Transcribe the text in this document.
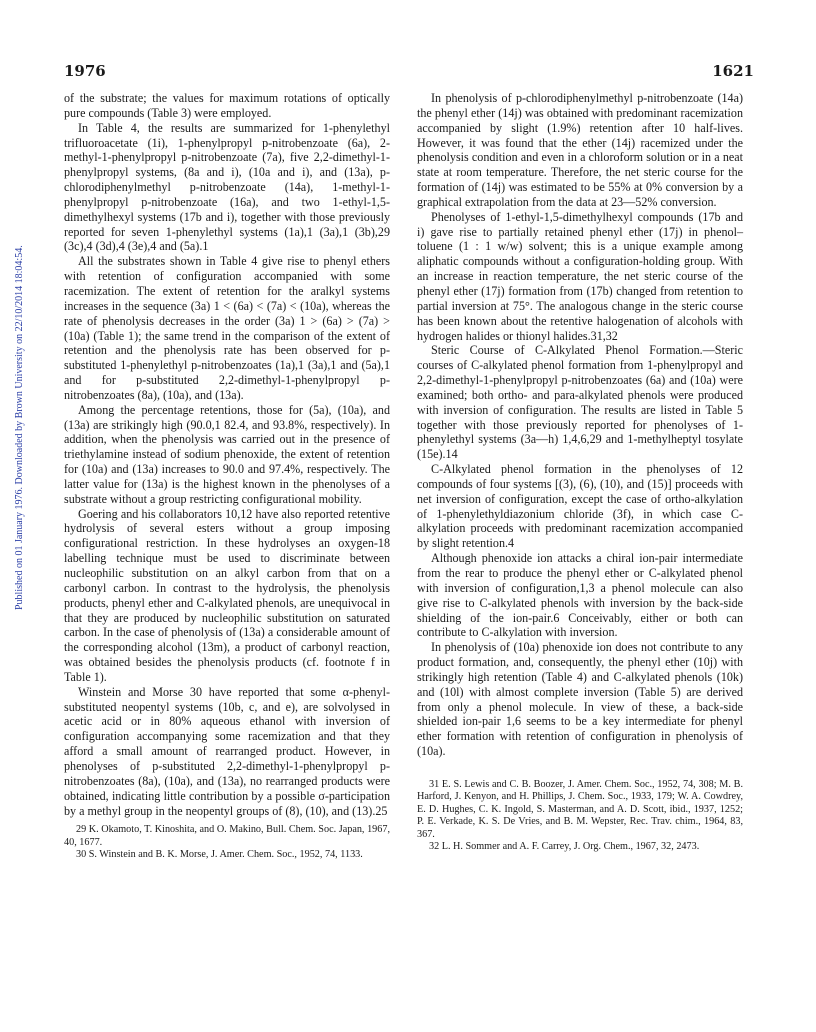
1976	1621
Published on 01 January 1976. Downloaded by Brown University on 22/10/2014 18:04:54.

of the substrate; the values for maximum rotations of optically pure compounds (Table 3) were employed.

In Table 4, the results are summarized for 1-phenylethyl trifluoroacetate (1i), 1-phenylpropyl p-nitrobenzoate (6a), 2-methyl-1-phenylpropyl p-nitrobenzoate (7a), five 2,2-dimethyl-1-phenylpropyl systems, (8a and i), (10a and i), and (13a), p-chlorodiphenylmethyl p-nitrobenzoate (14a), 1-methyl-1-phenylpropyl p-nitrobenzoate (16a), and two 1-ethyl-1,5-dimethylhexyl systems (17b and i), together with those previously reported for seven 1-phenylethyl systems (1a),1 (3a),1 (3b),29 (3c),4 (3d),4 (3e),4 and (5a).1

All the substrates shown in Table 4 give rise to phenyl ethers with retention of configuration accompanied with some racemization. The extent of retention for the aralkyl systems increases in the sequence (3a) 1 < (6a) < (7a) < (10a), whereas the rate of phenolysis decreases in the order (3a) 1 > (6a) > (7a) > (10a) (Table 1); the same trend in the comparison of the extent of retention and the phenolysis rate has been observed for p-substituted 1-phenylethyl p-nitrobenzoates (1a),1 (3a),1 and (5a),1 and for p-substituted 2,2-dimethyl-1-phenylpropyl p-nitrobenzoates (8a), (10a), and (13a).

Among the percentage retentions, those for (5a), (10a), and (13a) are strikingly high (90.0,1 82.4, and 93.8%, respectively). In addition, when the phenolysis was carried out in the presence of triethylamine instead of sodium phenoxide, the extent of retention for (10a) and (13a) increases to 90.0 and 97.4%, respectively. The latter value for (13a) is the highest known in the phenolyses of a substrate without a group restricting configurational mobility.

Goering and his collaborators 10,12 have also reported retentive hydrolysis of several esters without a group imposing configurational restriction. In these hydrolyses an oxygen-18 labelling technique must be used to discriminate between nucleophilic substitution on an alkyl carbon from that on a carbonyl carbon. In contrast to the hydrolysis, the phenolysis products, phenyl ether and C-alkylated phenols, are unequivocal in that they are produced by nucleophilic substitution on saturated carbon. In the case of phenolysis of (13a) a considerable amount of the corresponding alcohol (13m), a product of carbonyl reaction, was obtained besides the phenolysis products (cf. footnote f in Table 1).

Winstein and Morse 30 have reported that some α-phenyl-substituted neopentyl systems (10b, c, and e), are solvolysed in acetic acid or in 80% aqueous ethanol with inversion of configuration accompanying some racemization and that they afford a small amount of rearranged product. However, in phenolyses of p-substituted 2,2-dimethyl-1-phenylpropyl p-nitrobenzoates (8a), (10a), and (13a), no rearranged products were obtained, indicating little contribution by a possible σ-participation by a methyl group in the neopentyl groups of (8), (10), and (13).25

29 K. Okamoto, T. Kinoshita, and O. Makino, Bull. Chem. Soc. Japan, 1967, 40, 1677.

30 S. Winstein and B. K. Morse, J. Amer. Chem. Soc., 1952, 74, 1133.

In phenolysis of p-chlorodiphenylmethyl p-nitrobenzoate (14a) the phenyl ether (14j) was obtained with predominant racemization accompanied by slight (1.9%) retention after 10 half-lives. However, it was found that the ether (14j) racemized under the phenolysis condition and even in a chloroform solution or in a neat state at room temperature. Therefore, the net steric course for the formation of (14j) was estimated to be 55% at 0% conversion by a graphical extrapolation from the data at 23—52% conversion.

Phenolyses of 1-ethyl-1,5-dimethylhexyl compounds (17b and i) gave rise to partially retained phenyl ether (17j) in phenol–toluene (1 : 1 w/w) solvent; this is a unique example among aliphatic compounds without a configuration-holding group. With an increase in reaction temperature, the net steric course of the phenyl ether (17j) formation from (17b) changed from retention to partial inversion at 75°. The analogous change in the steric course has been known about the retentive halogenation of alcohols with hydrogen halides or thionyl halides.31,32

Steric Course of C-Alkylated Phenol Formation.—Steric courses of C-alkylated phenol formation from 1-phenylpropyl and 2,2-dimethyl-1-phenylpropyl p-nitrobenzoates (6a) and (10a) were examined; both ortho- and para-alkylated phenols were produced with inversion of configuration. The results are listed in Table 5 together with those previously reported for phenolyses of 1-phenylethyl systems (3a—h) 1,4,6,29 and 1-methylheptyl tosylate (15e).14

C-Alkylated phenol formation in the phenolyses of 12 compounds of four systems [(3), (6), (10), and (15)] proceeds with net inversion of configuration, except the case of ortho-alkylation of 1-phenylethyldiazonium chloride (3f), in which case C-alkylation proceeds with predominant racemization accompanied by slight retention.4

Although phenoxide ion attacks a chiral ion-pair intermediate from the rear to produce the phenyl ether or C-alkylated phenol with inversion of configuration,1,3 a phenol molecule can also give rise to C-alkylated phenols with inversion by the back-side shielding of the ion-pair.6 Conceivably, either or both can contribute to C-alkylation with inversion.

In phenolysis of (10a) phenoxide ion does not contribute to any product formation, and, consequently, the phenyl ether (10j) with strikingly high retention (Table 4) and C-alkylated phenols (10k) and (10l) with almost complete inversion (Table 5) are derived from only a phenol molecule. In view of these, a back-side shielded ion-pair 1,6 seems to be a key intermediate for phenyl ether formation with retention of configuration in phenolysis of (10a).

31 E. S. Lewis and C. B. Boozer, J. Amer. Chem. Soc., 1952, 74, 308; M. B. Harford, J. Kenyon, and H. Phillips, J. Chem. Soc., 1933, 179; W. A. Cowdrey, E. D. Hughes, C. K. Ingold, S. Masterman, and A. D. Scott, ibid., 1937, 1252; P. E. Verkade, K. S. De Vries, and B. M. Wepster, Rec. Trav. chim., 1964, 83, 367.

32 L. H. Sommer and A. F. Carrey, J. Org. Chem., 1967, 32, 2473.
